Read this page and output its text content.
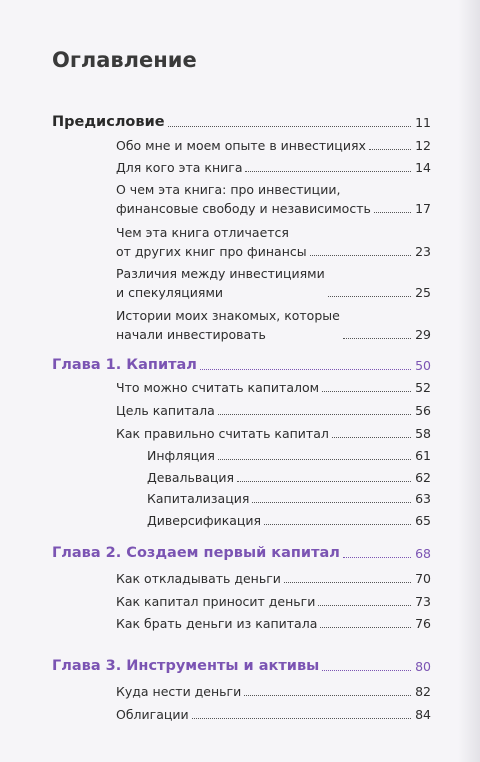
Оглавление
Предисловие	11
Обо мне и моем опыте в инвестициях	12
Для кого эта книга	14
О чем эта книга: про инвестиции,
финансовые свободу и независимость	17
Чем эта книга отличается
от других книг про финансы	23
Различия между инвестициями
и спекуляциями	25
Истории моих знакомых, которые
начали инвестировать	29
Глава 1. Капитал	50
Что можно считать капиталом	52
Цель капитала	56
Как правильно считать капитал	58
Инфляция	61
Девальвация	62
Капитализация	63
Диверсификация	65
Глава 2. Создаем первый капитал	68
Как откладывать деньги	70
Как капитал приносит деньги	73
Как брать деньги из капитала	76
Глава 3. Инструменты и активы	80
Куда нести деньги	82
Облигации	84
